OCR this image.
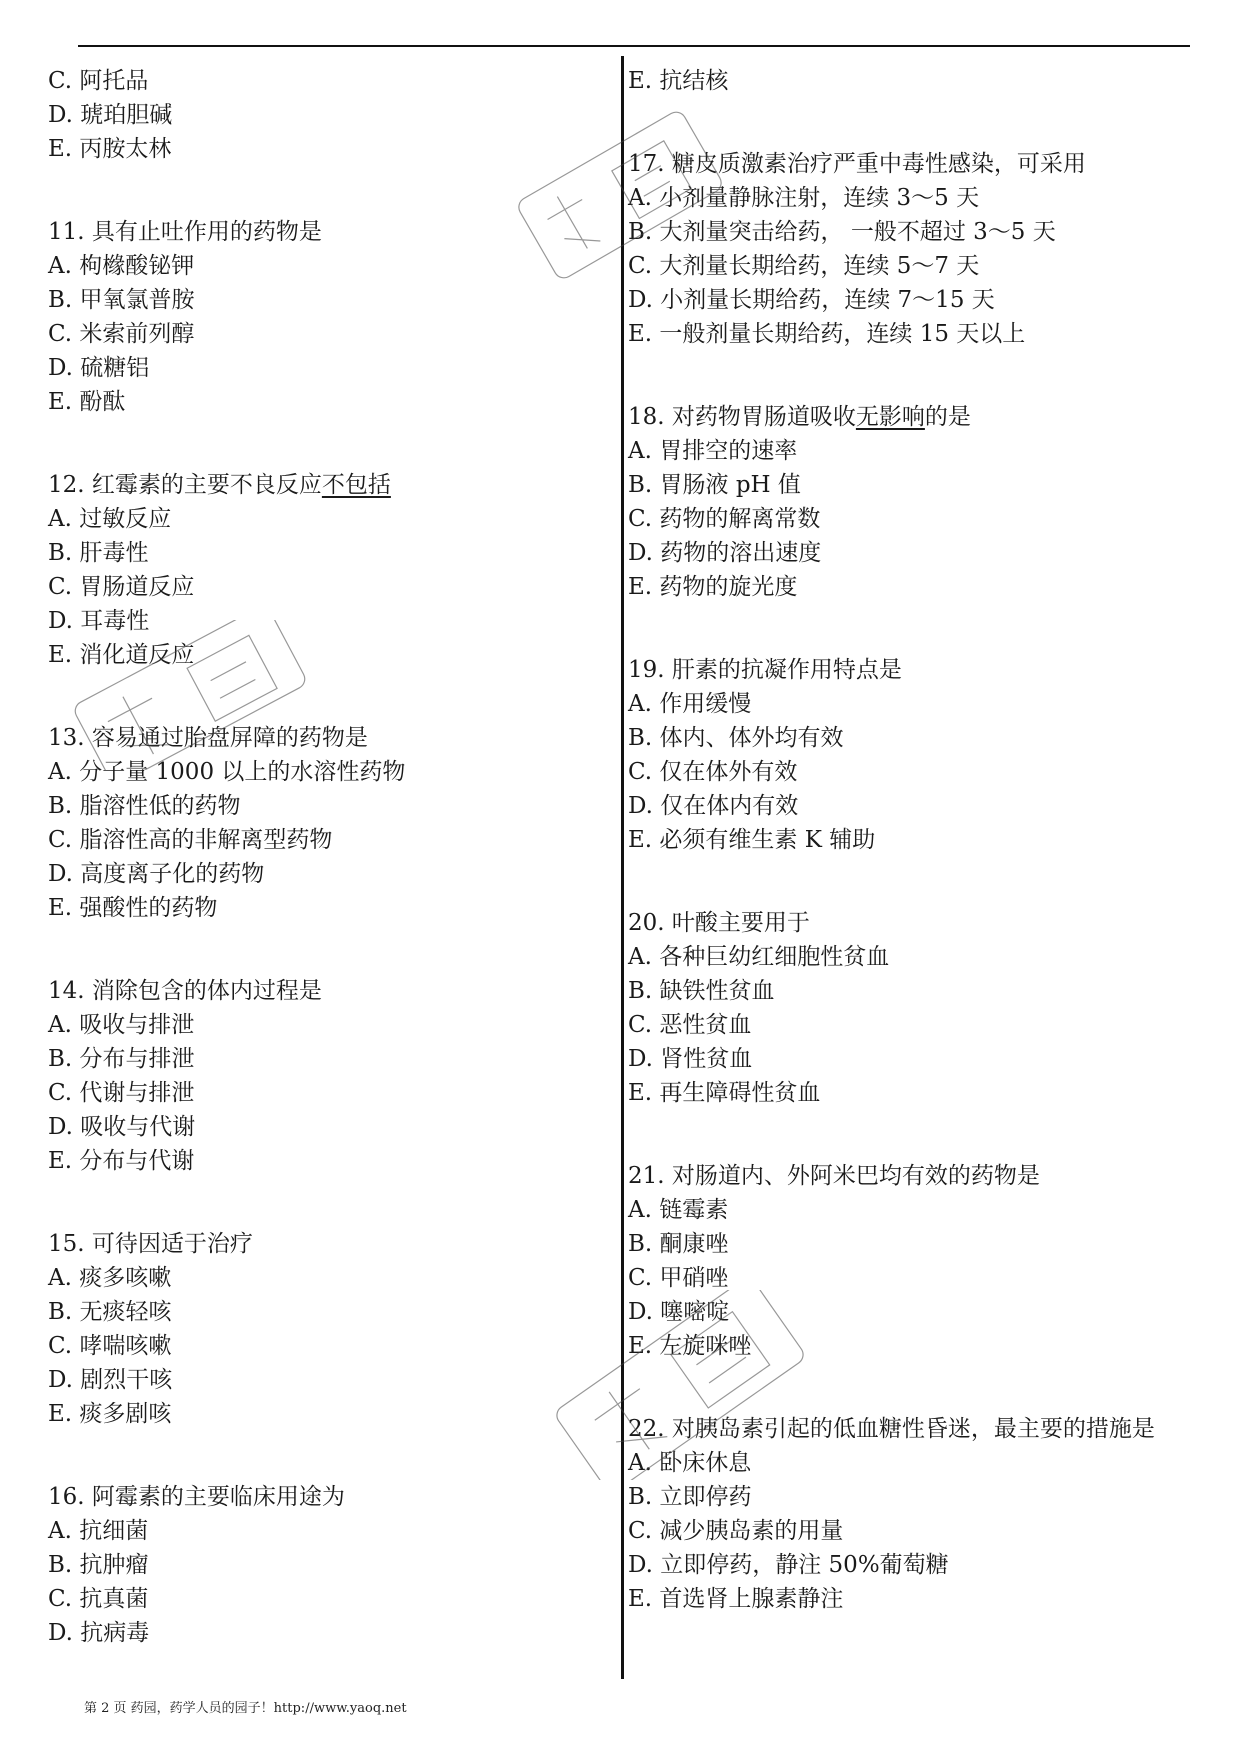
C. 阿托品
D. 琥珀胆碱
E. 丙胺太林
11. 具有止吐作用的药物是
A. 枸橼酸铋钾
B. 甲氧氯普胺
C. 米索前列醇
D. 硫糖铝
E. 酚酞
12. 红霉素的主要不良反应不包括
A. 过敏反应
B. 肝毒性
C. 胃肠道反应
D. 耳毒性
E. 消化道反应
13. 容易通过胎盘屏障的药物是
A. 分子量 1000 以上的水溶性药物
B. 脂溶性低的药物
C. 脂溶性高的非解离型药物
D. 高度离子化的药物
E. 强酸性的药物
14. 消除包含的体内过程是
A. 吸收与排泄
B. 分布与排泄
C. 代谢与排泄
D. 吸收与代谢
E. 分布与代谢
15. 可待因适于治疗
A. 痰多咳嗽
B. 无痰轻咳
C. 哮喘咳嗽
D. 剧烈干咳
E. 痰多剧咳
16. 阿霉素的主要临床用途为
A. 抗细菌
B. 抗肿瘤
C. 抗真菌
D. 抗病毒
E. 抗结核
17. 糖皮质激素治疗严重中毒性感染，可采用
A. 小剂量静脉注射，连续 3～5 天
B. 大剂量突击给药， 一般不超过 3～5 天
C. 大剂量长期给药，连续 5～7 天
D. 小剂量长期给药，连续 7～15 天
E. 一般剂量长期给药，连续 15 天以上
18. 对药物胃肠道吸收无影响的是
A. 胃排空的速率
B. 胃肠液 pH 值
C. 药物的解离常数
D. 药物的溶出速度
E. 药物的旋光度
19. 肝素的抗凝作用特点是
A. 作用缓慢
B. 体内、体外均有效
C. 仅在体外有效
D. 仅在体内有效
E. 必须有维生素 K 辅助
20. 叶酸主要用于
A. 各种巨幼红细胞性贫血
B. 缺铁性贫血
C. 恶性贫血
D. 肾性贫血
E. 再生障碍性贫血
21. 对肠道内、外阿米巴均有效的药物是
A. 链霉素
B. 酮康唑
C. 甲硝唑
D. 噻嘧啶
E. 左旋咪唑
22. 对胰岛素引起的低血糖性昏迷，最主要的措施是
A. 卧床休息
B. 立即停药
C. 减少胰岛素的用量
D. 立即停药，静注 50%葡萄糖
E. 首选肾上腺素静注
第 2 页 药园，药学人员的园子！http://www.yaoq.net
